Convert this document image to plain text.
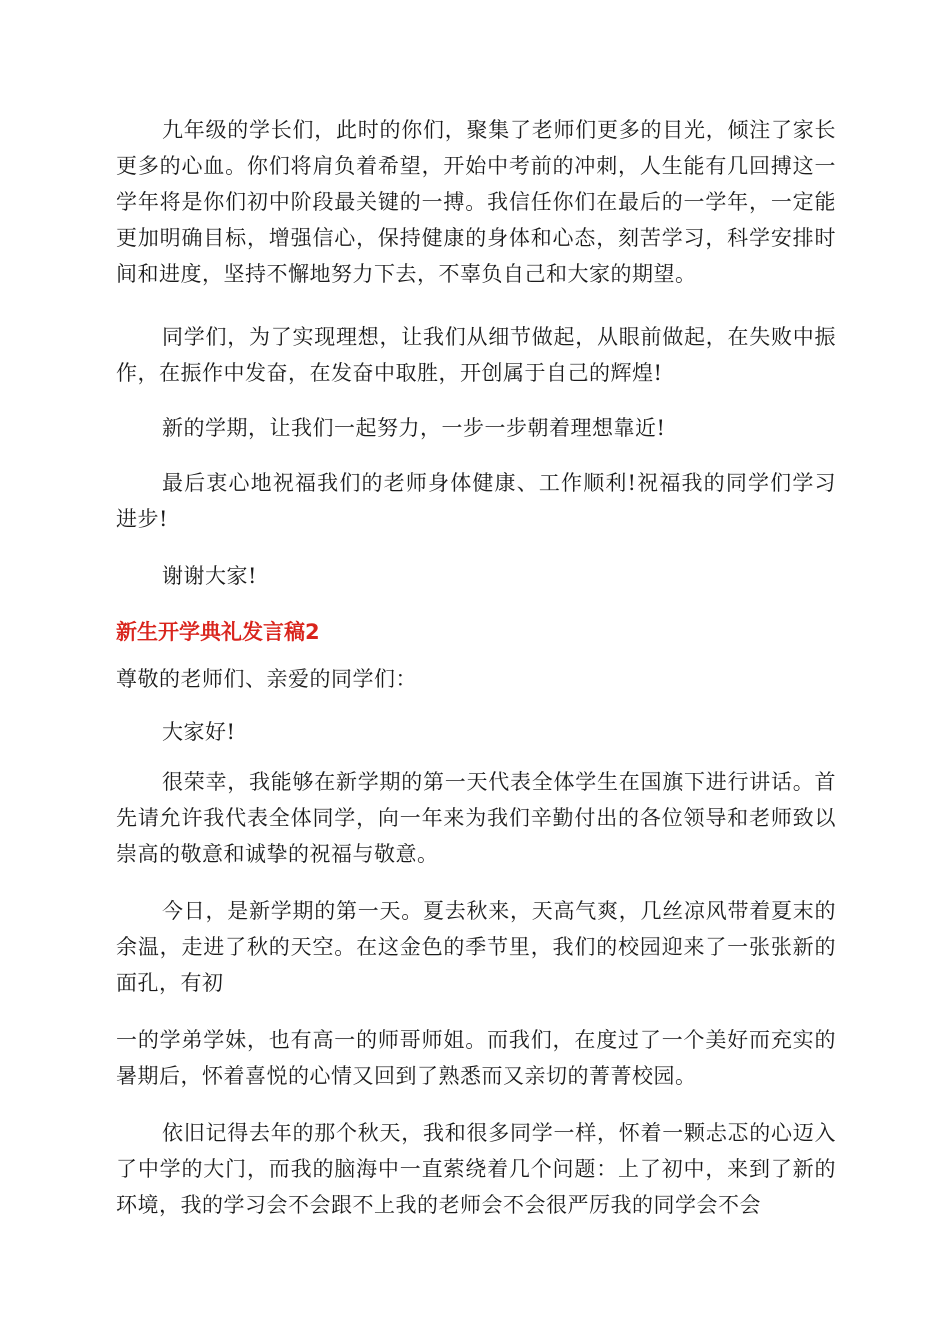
九年级的学长们，此时的你们，聚集了老师们更多的目光，倾注了家长更多的心血。你们将肩负着希望，开始中考前的冲刺，人生能有几回搏这一学年将是你们初中阶段最关键的一搏。我信任你们在最后的一学年，一定能更加明确目标，增强信心，保持健康的身体和心态，刻苦学习，科学安排时间和进度，坚持不懈地努力下去，不辜负自己和大家的期望。

同学们，为了实现理想，让我们从细节做起，从眼前做起，在失败中振作，在振作中发奋，在发奋中取胜，开创属于自己的辉煌!

新的学期，让我们一起努力，一步一步朝着理想靠近!

最后衷心地祝福我们的老师身体健康、工作顺利!祝福我的同学们学习进步!

谢谢大家!

新生开学典礼发言稿2

尊敬的老师们、亲爱的同学们：

大家好!

很荣幸，我能够在新学期的第一天代表全体学生在国旗下进行讲话。首先请允许我代表全体同学，向一年来为我们辛勤付出的各位领导和老师致以崇高的敬意和诚挚的祝福与敬意。

今日，是新学期的第一天。夏去秋来，天高气爽，几丝凉风带着夏末的余温，走进了秋的天空。在这金色的季节里，我们的校园迎来了一张张新的面孔，有初

一的学弟学妹，也有高一的师哥师姐。而我们，在度过了一个美好而充实的暑期后，怀着喜悦的心情又回到了熟悉而又亲切的菁菁校园。

依旧记得去年的那个秋天，我和很多同学一样，怀着一颗忐忑的心迈入了中学的大门，而我的脑海中一直萦绕着几个问题：上了初中，来到了新的环境，我的学习会不会跟不上我的老师会不会很严厉我的同学会不会
